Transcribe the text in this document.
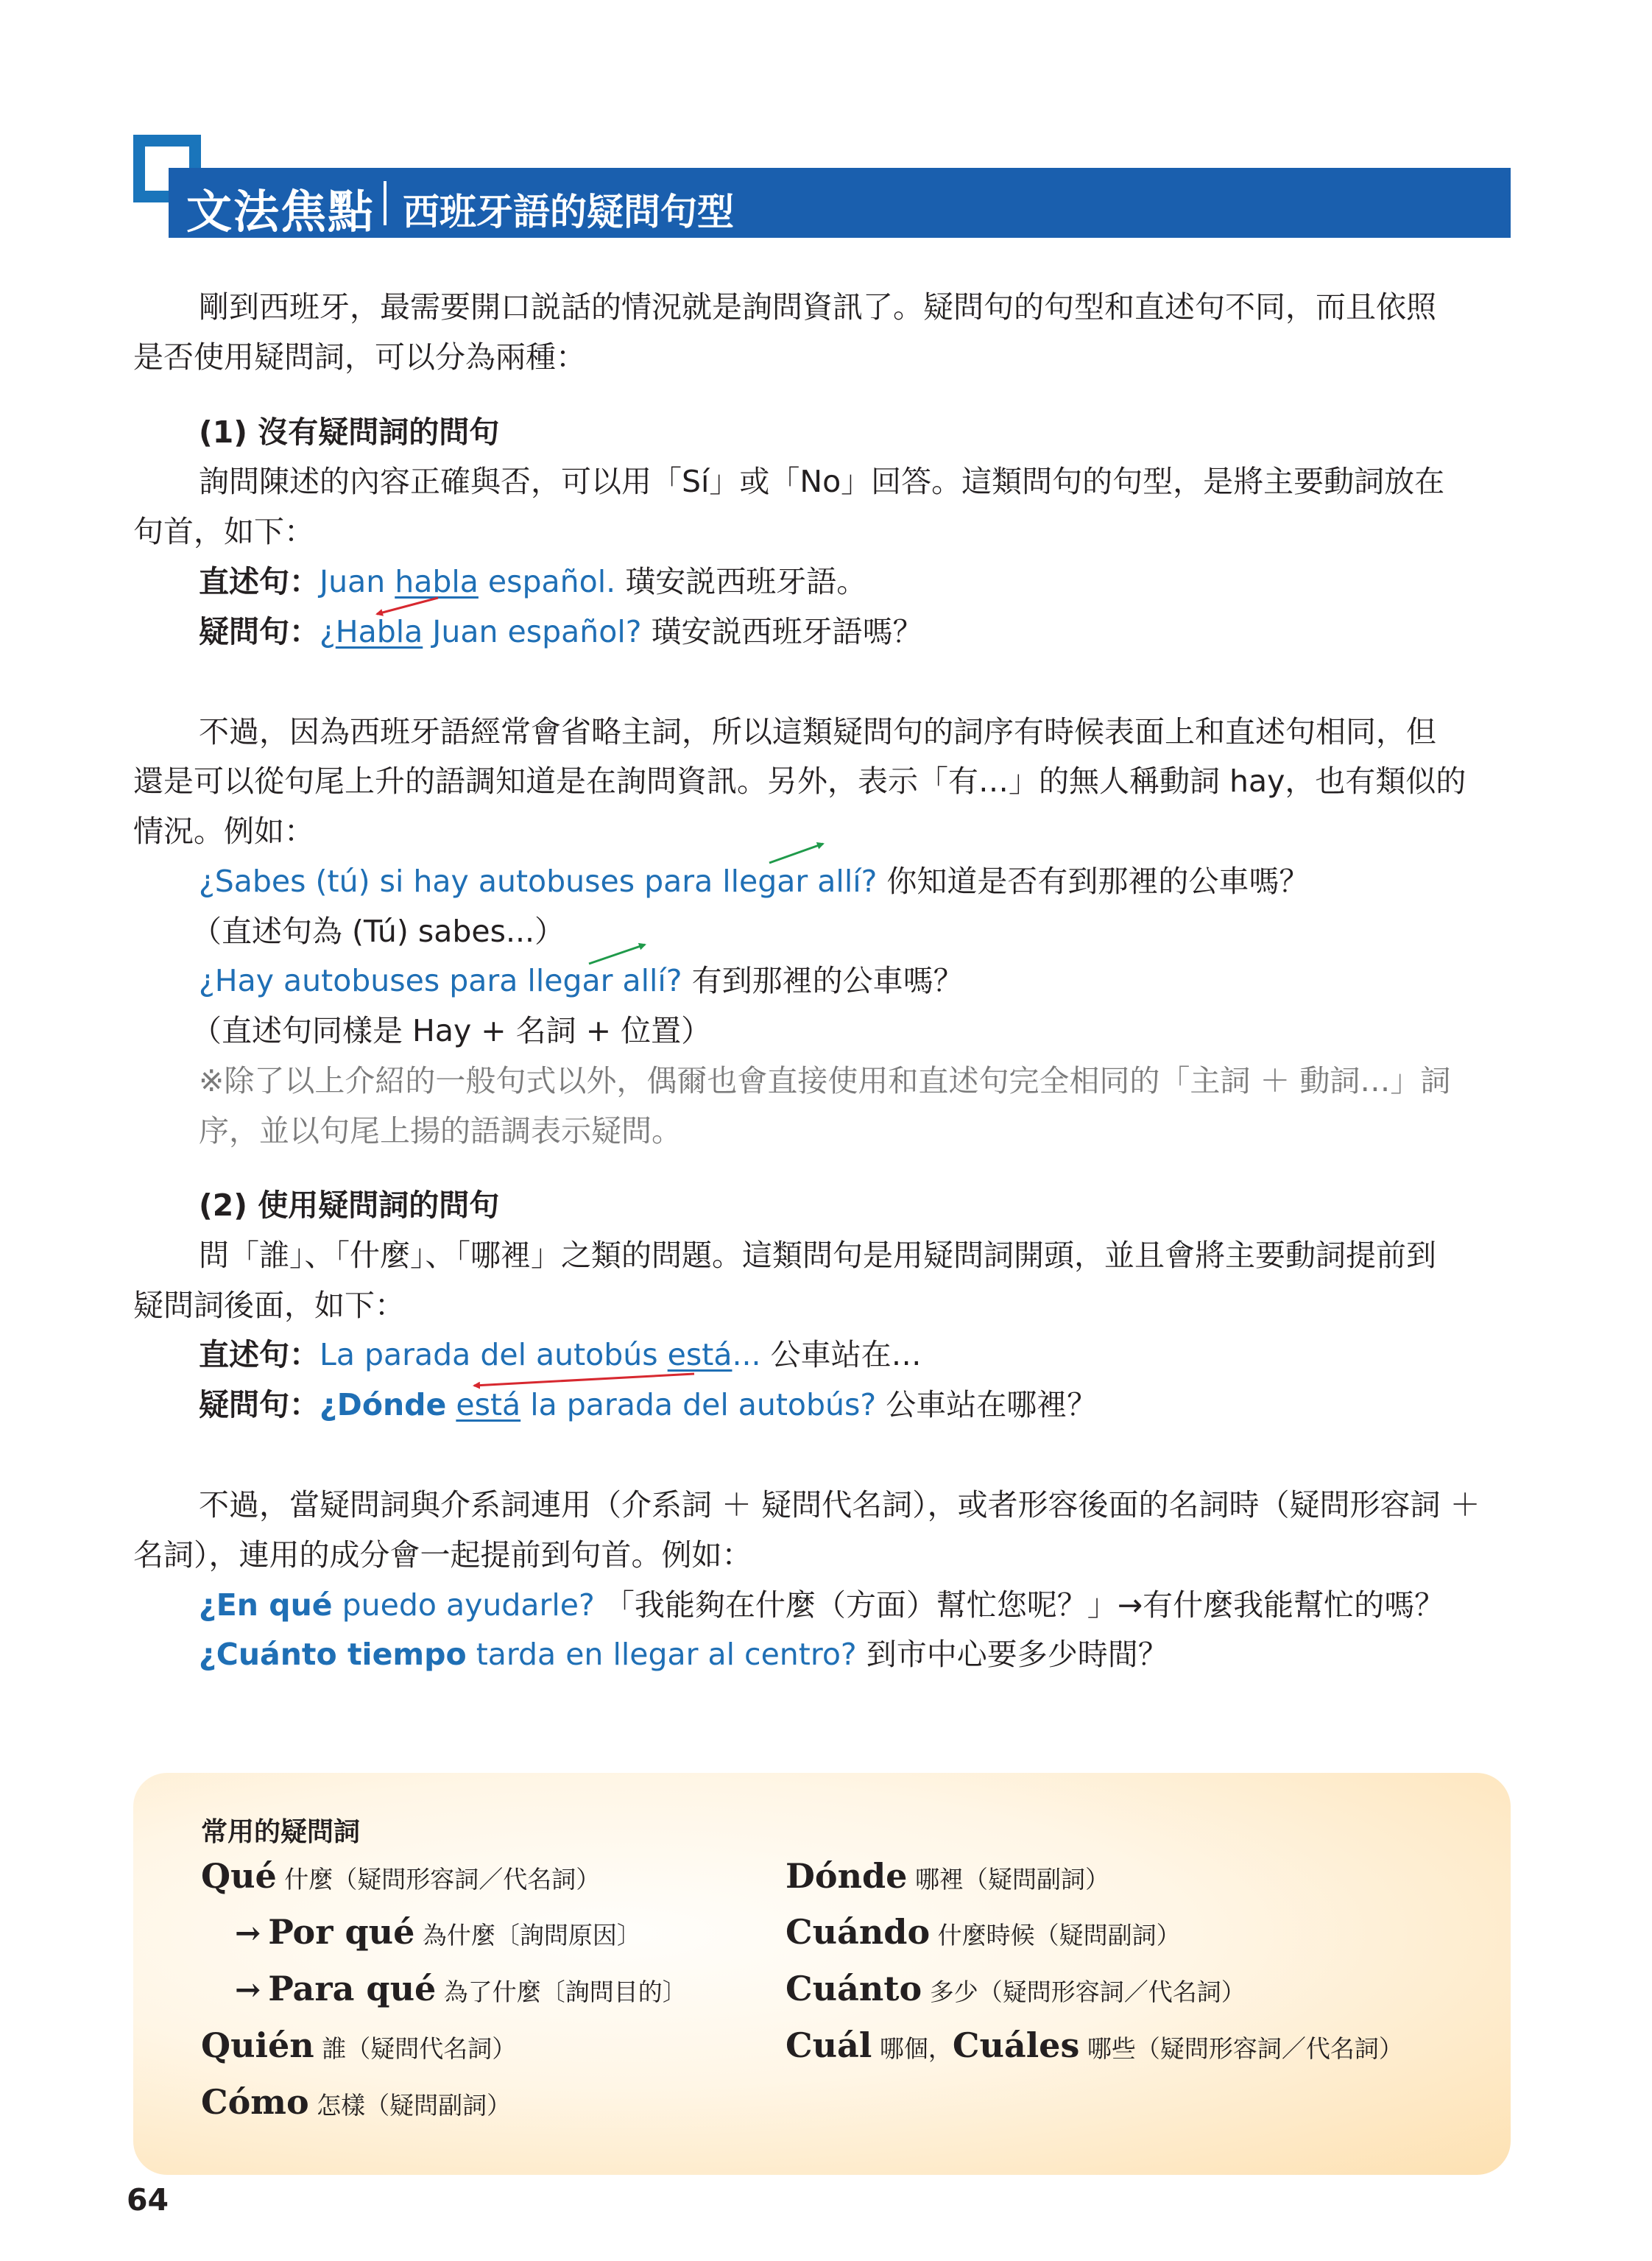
文法焦點 西班牙語的疑問句型
剛到西班牙，最需要開口説話的情況就是詢問資訊了。疑問句的句型和直述句不同，而且依照
是否使用疑問詞，可以分為兩種：
(1) 沒有疑問詞的問句
詢問陳述的內容正確與否，可以用「Sí」或「No」回答。這類問句的句型，是將主要動詞放在
句首，如下：
直述句：Juan habla español. 璜安説西班牙語。
疑問句：¿Habla Juan español? 璜安説西班牙語嗎？
不過，因為西班牙語經常會省略主詞，所以這類疑問句的詞序有時候表面上和直述句相同，但
還是可以從句尾上升的語調知道是在詢問資訊。另外，表示「有…」的無人稱動詞 hay，也有類似的
情況。例如：
¿Sabes (tú) si hay autobuses para llegar allí? 你知道是否有到那裡的公車嗎？
（直述句為 (Tú) sabes...）
¿Hay autobuses para llegar allí? 有到那裡的公車嗎？
（直述句同樣是 Hay + 名詞 + 位置）
※除了以上介紹的一般句式以外，偶爾也會直接使用和直述句完全相同的「主詞 ＋ 動詞…」詞
序，並以句尾上揚的語調表示疑問。
(2) 使用疑問詞的問句
問「誰」、「什麼」、「哪裡」之類的問題。這類問句是用疑問詞開頭，並且會將主要動詞提前到
疑問詞後面，如下：
直述句：La parada del autobús está... 公車站在…
疑問句：¿Dónde está la parada del autobús? 公車站在哪裡？
不過，當疑問詞與介系詞連用（介系詞 ＋ 疑問代名詞），或者形容後面的名詞時（疑問形容詞 ＋
名詞），連用的成分會一起提前到句首。例如：
¿En qué puedo ayudarle? 「我能夠在什麼（方面）幫忙您呢？」→有什麼我能幫忙的嗎？
¿Cuánto tiempo tarda en llegar al centro? 到市中心要多少時間？
常用的疑問詞
Qué 什麼（疑問形容詞／代名詞）
→ Por qué 為什麼〔詢問原因〕
→ Para qué 為了什麼〔詢問目的〕
Quién 誰（疑問代名詞）
Cómo 怎樣（疑問副詞）
Dónde 哪裡（疑問副詞）
Cuándo 什麼時候（疑問副詞）
Cuánto 多少（疑問形容詞／代名詞）
Cuál 哪個，Cuáles 哪些（疑問形容詞／代名詞）
64
